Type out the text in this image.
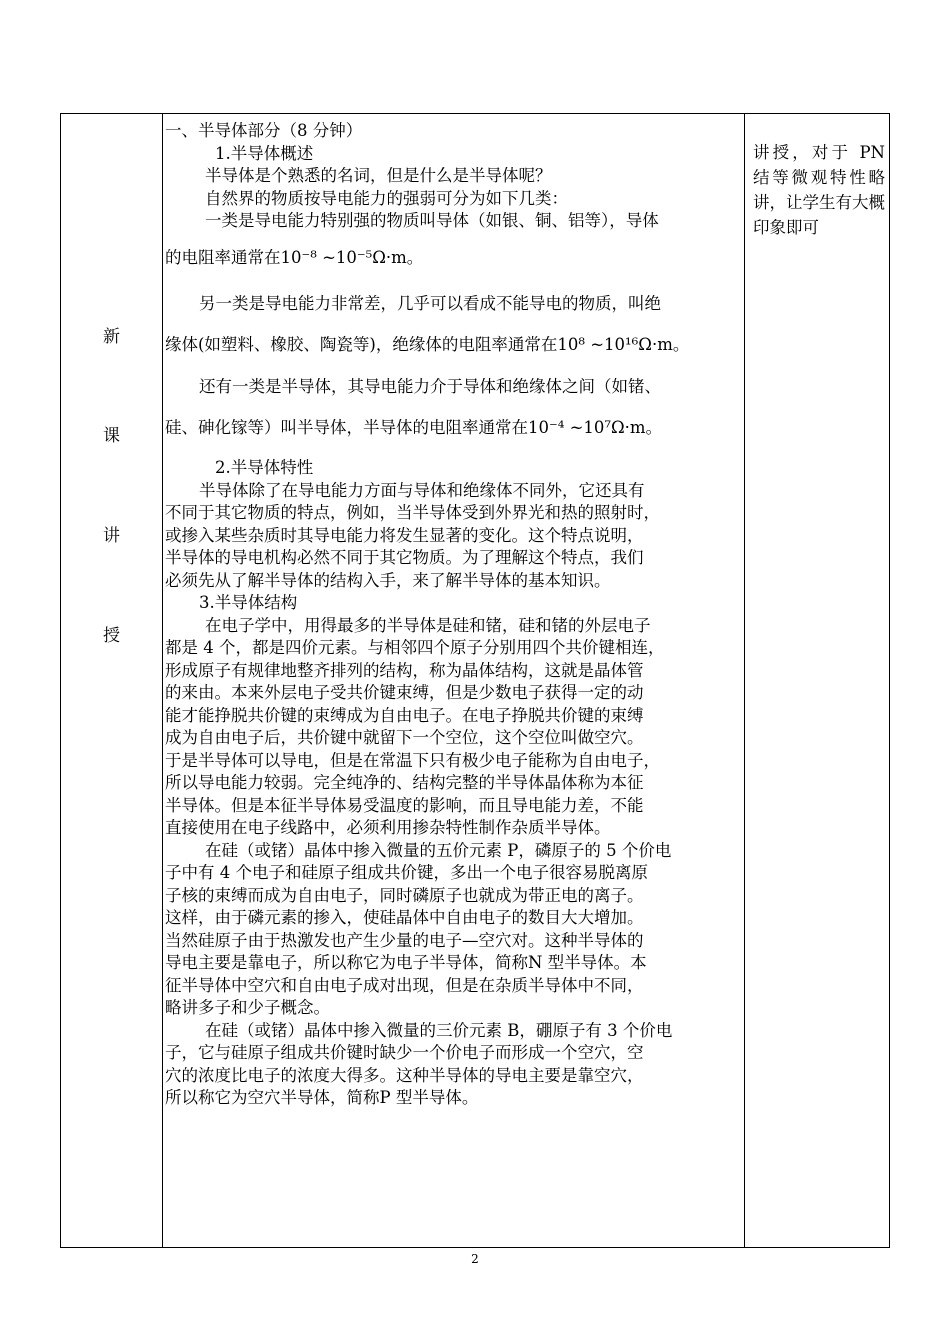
新
课
讲
授

一、半导体部分（8 分钟）

1.半导体概述

半导体是个熟悉的名词，但是什么是半导体呢？

自然界的物质按导电能力的强弱可分为如下几类：

一类是导电能力特别强的物质叫导体（如银、铜、铝等），导体

的电阻率通常在10⁻⁸ ~10⁻⁵Ω·m。

另一类是导电能力非常差，几乎可以看成不能导电的物质，叫绝

缘体(如塑料、橡胶、陶瓷等)，绝缘体的电阻率通常在10⁸ ~10¹⁶Ω·m。

还有一类是半导体，其导电能力介于导体和绝缘体之间（如锗、

硅、砷化镓等）叫半导体，半导体的电阻率通常在10⁻⁴ ~10⁷Ω·m。

2.半导体特性

半导体除了在导电能力方面与导体和绝缘体不同外，它还具有

不同于其它物质的特点，例如，当半导体受到外界光和热的照射时，

或掺入某些杂质时其导电能力将发生显著的变化。这个特点说明，

半导体的导电机构必然不同于其它物质。为了理解这个特点，我们

必须先从了解半导体的结构入手，来了解半导体的基本知识。

3.半导体结构

在电子学中，用得最多的半导体是硅和锗，硅和锗的外层电子

都是 4 个，都是四价元素。与相邻四个原子分别用四个共价键相连，

形成原子有规律地整齐排列的结构，称为晶体结构，这就是晶体管

的来由。本来外层电子受共价键束缚，但是少数电子获得一定的动

能才能挣脱共价键的束缚成为自由电子。在电子挣脱共价键的束缚

成为自由电子后，共价键中就留下一个空位，这个空位叫做空穴。

于是半导体可以导电，但是在常温下只有极少电子能称为自由电子，

所以导电能力较弱。完全纯净的、结构完整的半导体晶体称为本征

半导体。但是本征半导体易受温度的影响，而且导电能力差，不能

直接使用在电子线路中，必须利用掺杂特性制作杂质半导体。

在硅（或锗）晶体中掺入微量的五价元素 P，磷原子的 5 个价电

子中有 4 个电子和硅原子组成共价键，多出一个电子很容易脱离原

子核的束缚而成为自由电子，同时磷原子也就成为带正电的离子。

这样，由于磷元素的掺入，使硅晶体中自由电子的数目大大增加。

当然硅原子由于热激发也产生少量的电子—空穴对。这种半导体的

导电主要是靠电子，所以称它为电子半导体，简称N 型半导体。本

征半导体中空穴和自由电子成对出现，但是在杂质半导体中不同，

略讲多子和少子概念。

在硅（或锗）晶体中掺入微量的三价元素 B，硼原子有 3 个价电

子，它与硅原子组成共价键时缺少一个价电子而形成一个空穴，空

穴的浓度比电子的浓度大得多。这种半导体的导电主要是靠空穴，

所以称它为空穴半导体，简称P 型半导体。

讲授，对于 PN 结等微观特性略讲，让学生有大概印象即可
2
